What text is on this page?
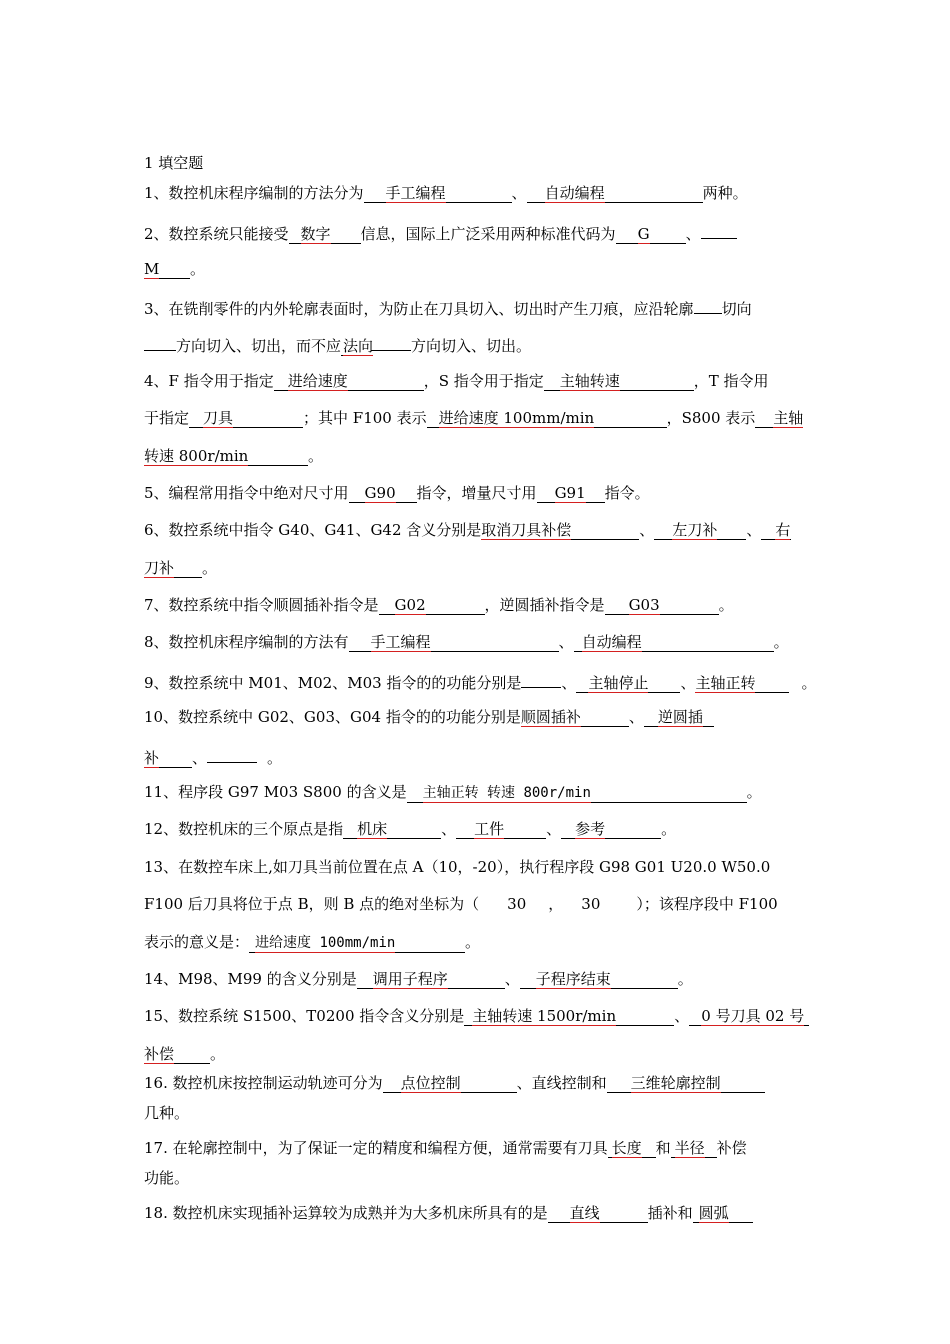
1 填空题
1、数控机床程序编制的方法分为 手工编程	、 自动编程	两种。
2、数控系统只能接受 数字 信息，国际上广泛采用两种标准代码为 G 、
M 。
3、在铣削零件的内外轮廓表面时，为防止在刀具切入、切出时产生刀痕，应沿轮廓 切向
方向切入、切出，而不应 法向	方向切入、切出。
4、F 指令用于指定 进给速度	，S 指令用于指定 主轴转速	，T 指令用
于指定 刀具	；其中 F100 表示 进给速度 100mm/min	，S800 表示 主轴
转速 800r/min	。
5、编程常用指令中绝对尺寸用 G90 指令，增量尺寸用 G91 指令。
6、数控系统中指令 G40、G41、G42 含义分别是取消刀具补偿	、 左刀补 、 右
刀补 。
7、数控系统中指令顺圆插补指令是 G02	，逆圆插补指令是 G03	。
8、数控机床程序编制的方法有 手工编程	、 自动编程	。
9、数控系统中 M01、M02、M03 指令的的功能分别是	、 主轴停止 、主轴正转	。
10、数控系统中 G02、G03、G04 指令的的功能分别是顺圆插补	、 逆圆插
补 、	。
11、程序段 G97 M03 S800 的含义是 主轴正转 转速 800r/min	。
12、数控机床的三个原点是指 机床	、 工件	、 参考	。
13、在数控车床上,如刀具当前位置在点 A（10，-20），执行程序段 G98 G01 U20.0 W50.0
F100 后刀具将位于点 B，则 B 点的绝对坐标为（ 30 ， 30 ）；该程序段中 F100
表示的意义是： 进给速度 100mm/min	。
14、M98、M99 的含义分别是 调用子程序	、 子程序结束	。
15、数控系统 S1500、T0200 指令含义分别是 主轴转速 1500r/min	、 0 号刀具 02 号
补偿 。
16. 数控机床按控制运动轨迹可分为 点位控制	、直线控制和 三维轮廓控制
几种。
17. 在轮廓控制中，为了保证一定的精度和编程方便，通常需要有刀具 长度 和 半径 补偿
功能。
18. 数控机床实现插补运算较为成熟并为大多机床所具有的是 直线	插补和 圆弧
